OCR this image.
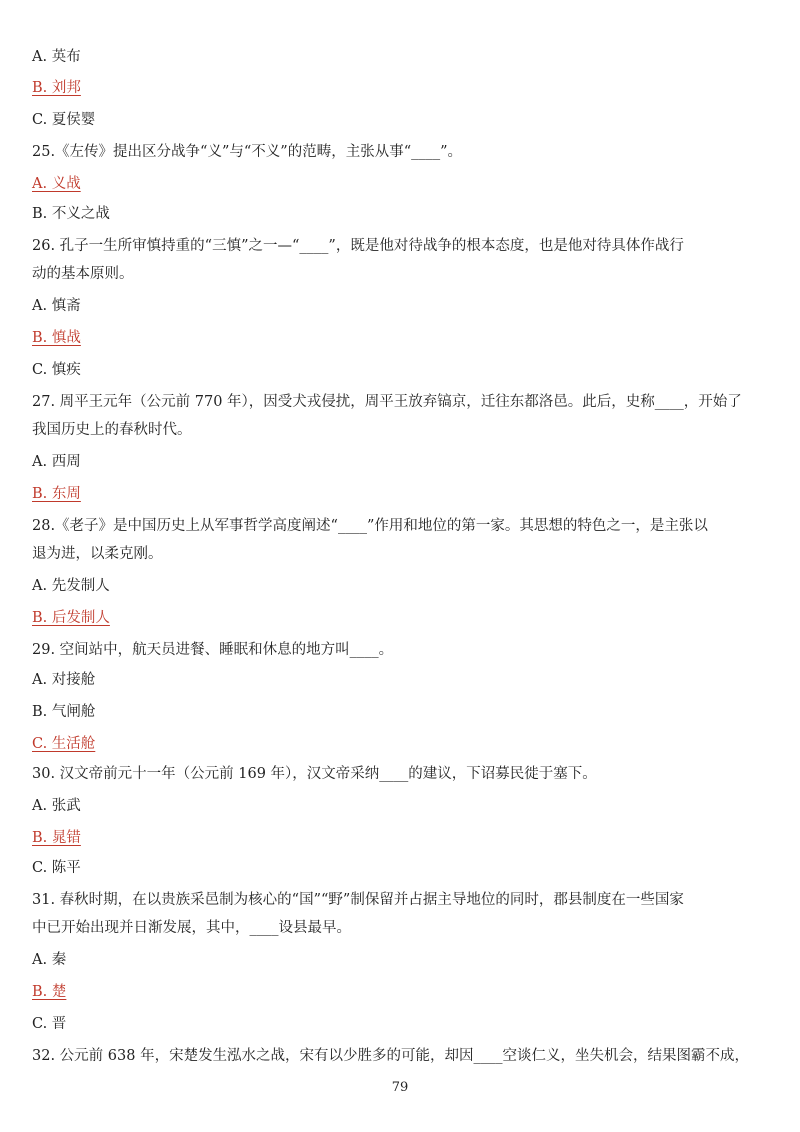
A. 英布
B. 刘邦
C. 夏侯婴
25.《左传》提出区分战争“义”与“不义”的范畴，主张从事“____”。
A. 义战
B. 不义之战
26. 孔子一生所审慎持重的“三慎”之一—“____”，既是他对待战争的根本态度，也是他对待具体作战行
动的基本原则。
A. 慎斋
B. 慎战
C. 慎疾
27. 周平王元年（公元前 770 年），因受犬戎侵扰，周平王放弃镐京，迁往东都洛邑。此后，史称____，开始了
我国历史上的春秋时代。
A. 西周
B. 东周
28.《老子》是中国历史上从军事哲学高度阐述“____”作用和地位的第一家。其思想的特色之一，是主张以
退为进，以柔克刚。
A. 先发制人
B. 后发制人
29. 空间站中，航天员进餐、睡眠和休息的地方叫____。
A. 对接舱
B. 气闸舱
C. 生活舱
30. 汉文帝前元十一年（公元前 169 年），汉文帝采纳____的建议，下诏募民徙于塞下。
A. 张武
B. 晁错
C. 陈平
31. 春秋时期，在以贵族采邑制为核心的“国”“野”制保留并占据主导地位的同时，郡县制度在一些国家
中已开始出现并日渐发展，其中，____设县最早。
A. 秦
B. 楚
C. 晋
32. 公元前 638 年，宋楚发生泓水之战，宋有以少胜多的可能，却因____空谈仁义，坐失机会，结果图霸不成，
79
